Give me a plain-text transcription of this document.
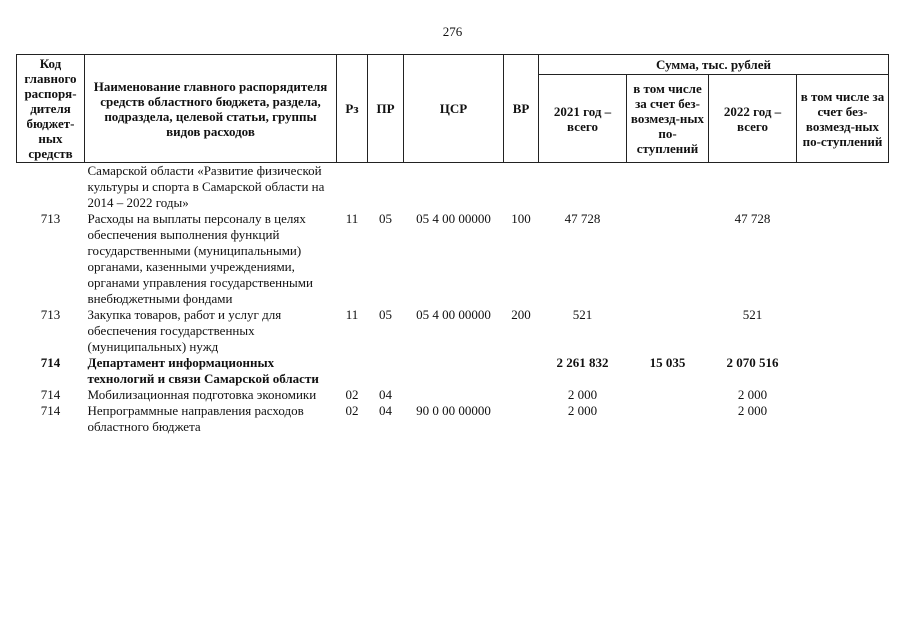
276
Код главного распоря-дителя бюджет-ных средств	Наименование главного распорядителя средств областного бюджета, раздела, подраздела, целевой статьи, группы видов расходов	Рз	ПР	ЦСР	ВР	Сумма, тыс. рублей			
						2021 год – всего	в том числе за счет без-возмезд-ных по-ступлений	2022 год – всего	в том числе за счет без-возмезд-ных по-ступлений
	Самарской области «Развитие физической культуры и спорта в Самарской области на 2014 – 2022 годы»								
713	Расходы на выплаты персоналу в целях обеспечения выполнения функций государственными (муниципальными) органами, казенными учреждениями, органами управления государственными внебюджетными фондами	11	05	05 4 00 00000	100	47 728		47 728	
713	Закупка товаров, работ и услуг для обеспечения государственных (муниципальных) нужд	11	05	05 4 00 00000	200	521		521	
714	Департамент информационных технологий и связи Самарской области					2 261 832	15 035	2 070 516	
714	Мобилизационная подготовка экономики	02	04			2 000		2 000	
714	Непрограммные направления расходов областного бюджета	02	04	90 0 00 00000		2 000		2 000	
